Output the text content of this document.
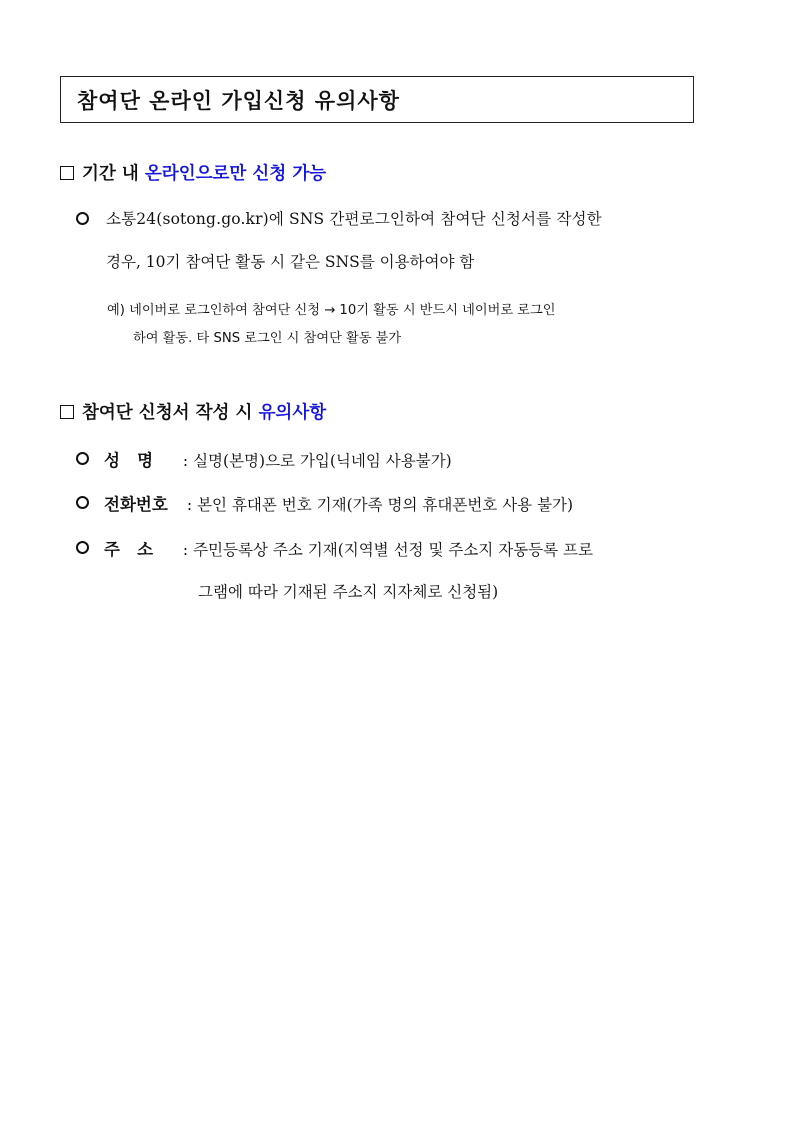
참여단 온라인 가입신청 유의사항
기간 내 온라인으로만 신청 가능
소통24(sotong.go.kr)에 SNS 간편로그인하여 참여단 신청서를 작성한
경우, 10기 참여단 활동 시 같은 SNS를 이용하여야 함
예) 네이버로 로그인하여 참여단 신청 → 10기 활동 시 반드시 네이버로 로그인
하여 활동. 타 SNS 로그인 시 참여단 활동 불가
참여단 신청서 작성 시 유의사항
성   명 : 실명(본명)으로 가입(닉네임 사용불가)
전화번호 : 본인 휴대폰 번호 기재(가족 명의 휴대폰번호 사용 불가)
주   소 : 주민등록상 주소 기재(지역별 선정 및 주소지 자동등록 프로
그램에 따라 기재된 주소지 지자체로 신청됨)
